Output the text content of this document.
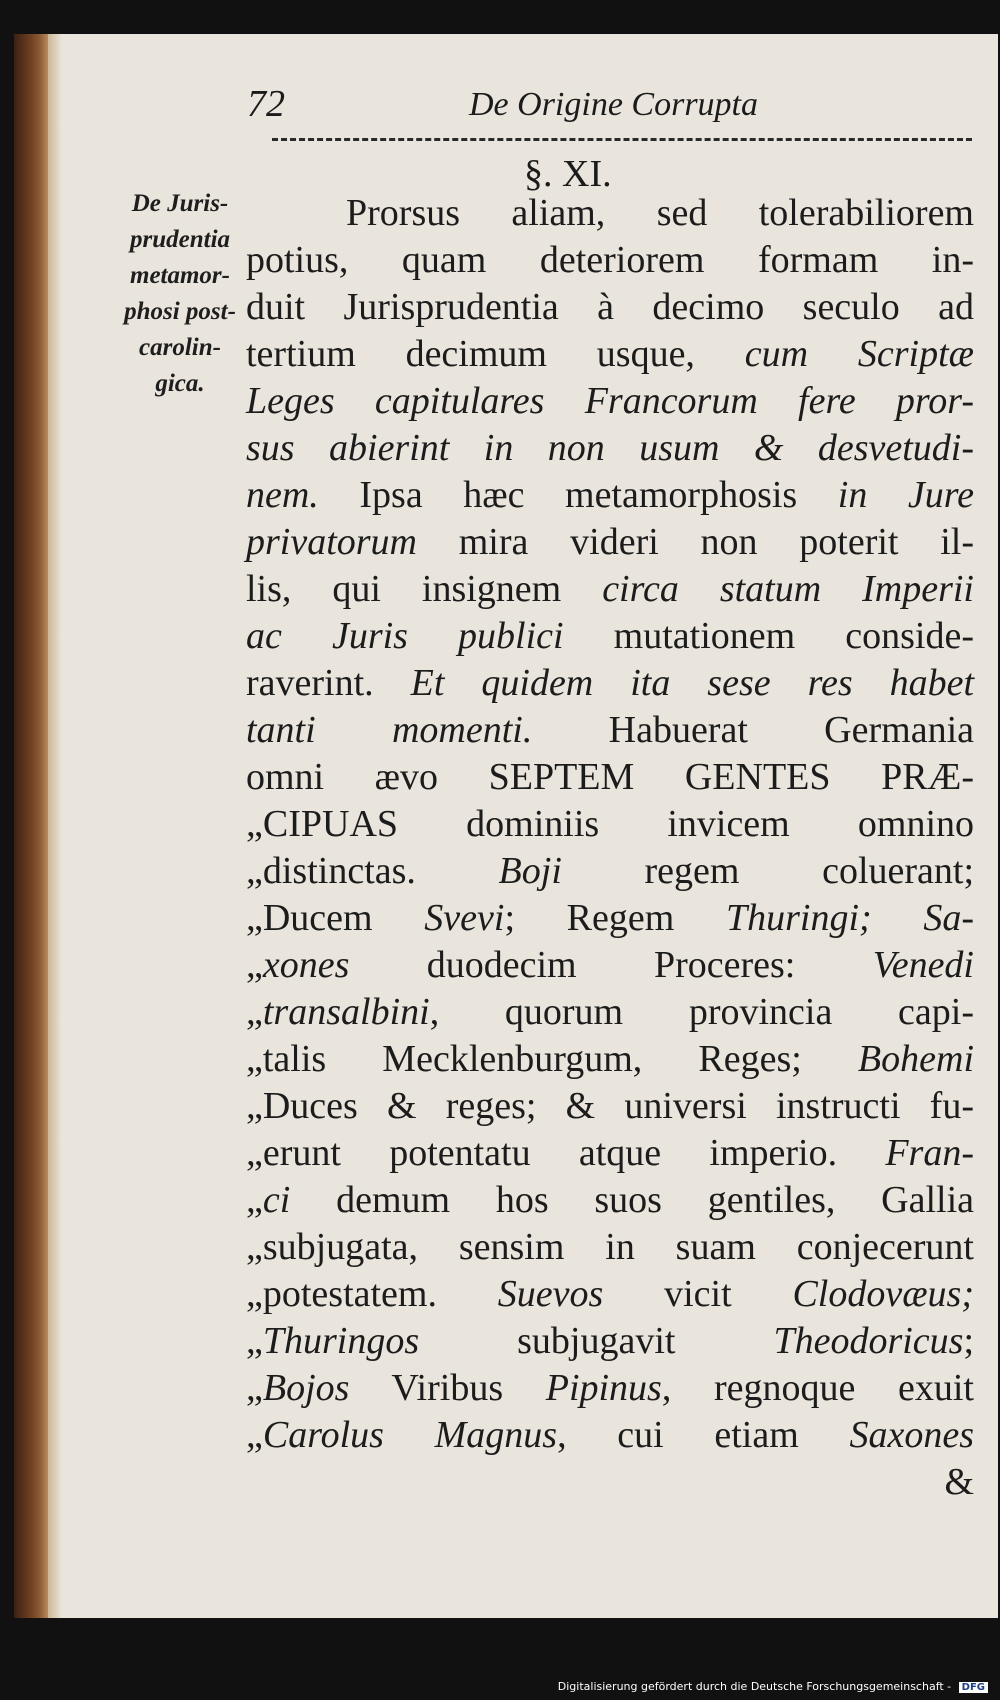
72	De Origine Corrupta
§. XI.
De Juris-
prudentia
metamor-
phosi post-
carolin-
gica.
Prorsus aliam, sed tolerabiliorem
potius, quam deteriorem formam in-
duit Jurisprudentia à decimo seculo ad
tertium decimum usque, cum Scriptæ
Leges capitulares Francorum fere pror-
sus abierint in non usum & desvetudi-
nem. Ipsa hæc metamorphosis in Jure
privatorum mira videri non poterit il-
lis, qui insignem circa statum Imperii
ac Juris publici mutationem conside-
raverint. Et quidem ita sese res habet
tanti momenti. Habuerat Germania
omni ævo SEPTEM GENTES PRÆ-
„CIPUAS dominiis invicem omnino
„distinctas. Boji regem coluerant;
„Ducem Svevi; Regem Thuringi; Sa-
„xones duodecim Proceres: Venedi
„transalbini, quorum provincia capi-
„talis Mecklenburgum, Reges; Bohemi
„Duces & reges; & universi instructi fu-
„erunt potentatu atque imperio. Fran-
„ci demum hos suos gentiles, Gallia
„subjugata, sensim in suam conjecerunt
„potestatem. Suevos vicit Clodovæus;
„Thuringos subjugavit Theodoricus;
„Bojos Viribus Pipinus, regnoque exuit
„Carolus Magnus, cui etiam Saxones
&
Digitalisierung gefördert durch die Deutsche Forschungsgemeinschaft - DFG
